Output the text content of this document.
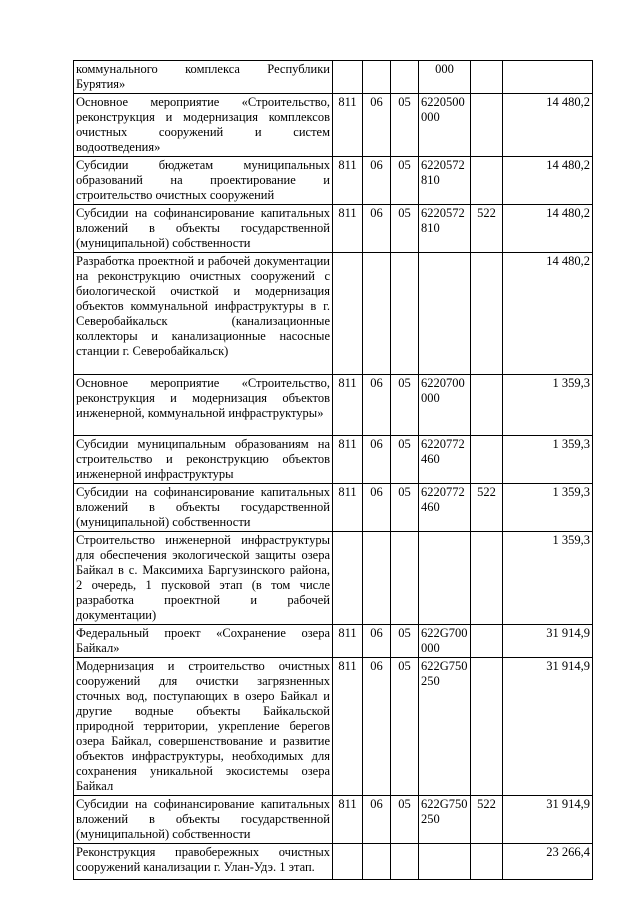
коммунального комплекса Республики Бурятия»				000		
Основное мероприятие «Строительство, реконструкция и модернизация комплексов очистных сооружений и систем водоотведения»	811	06	05	6220500 000		14 480,2
Субсидии бюджетам муниципальных образований на проектирование и строительство очистных сооружений	811	06	05	6220572 810		14 480,2
Субсидии на софинансирование капитальных вложений в объекты государственной (муниципальной) собственности	811	06	05	6220572 810	522	14 480,2
Разработка проектной и рабочей документации на реконструкцию очистных сооружений с биологической очисткой и модернизация объектов коммунальной инфраструктуры в г. Северобайкальск (канализационные коллекторы и канализационные насосные станции г. Северобайкальск)						14 480,2
Основное мероприятие «Строительство, реконструкция и модернизация объектов инженерной, коммунальной инфраструктуры»	811	06	05	6220700 000		1 359,3
Субсидии муниципальным образованиям на строительство и реконструкцию объектов инженерной инфраструктуры	811	06	05	6220772 460		1 359,3
Субсидии на софинансирование капитальных вложений в объекты государственной (муниципальной) собственности	811	06	05	6220772 460	522	1 359,3
Строительство инженерной инфраструктуры для обеспечения экологической защиты озера Байкал в с. Максимиха Баргузинского района, 2 очередь, 1 пусковой этап (в том числе разработка проектной и рабочей документации)						1 359,3
Федеральный проект «Сохранение озера Байкал»	811	06	05	622G700 000		31 914,9
Модернизация и строительство очистных сооружений для очистки загрязненных сточных вод, поступающих в озеро Байкал и другие водные объекты Байкальской природной территории, укрепление берегов озера Байкал, совершенствование и развитие объектов инфраструктуры, необходимых для сохранения уникальной экосистемы озера Байкал	811	06	05	622G750 250		31 914,9
Субсидии на софинансирование капитальных вложений в объекты государственной (муниципальной) собственности	811	06	05	622G750 250	522	31 914,9
Реконструкция правобережных очистных сооружений канализации г. Улан-Удэ. 1 этап.						23 266,4
